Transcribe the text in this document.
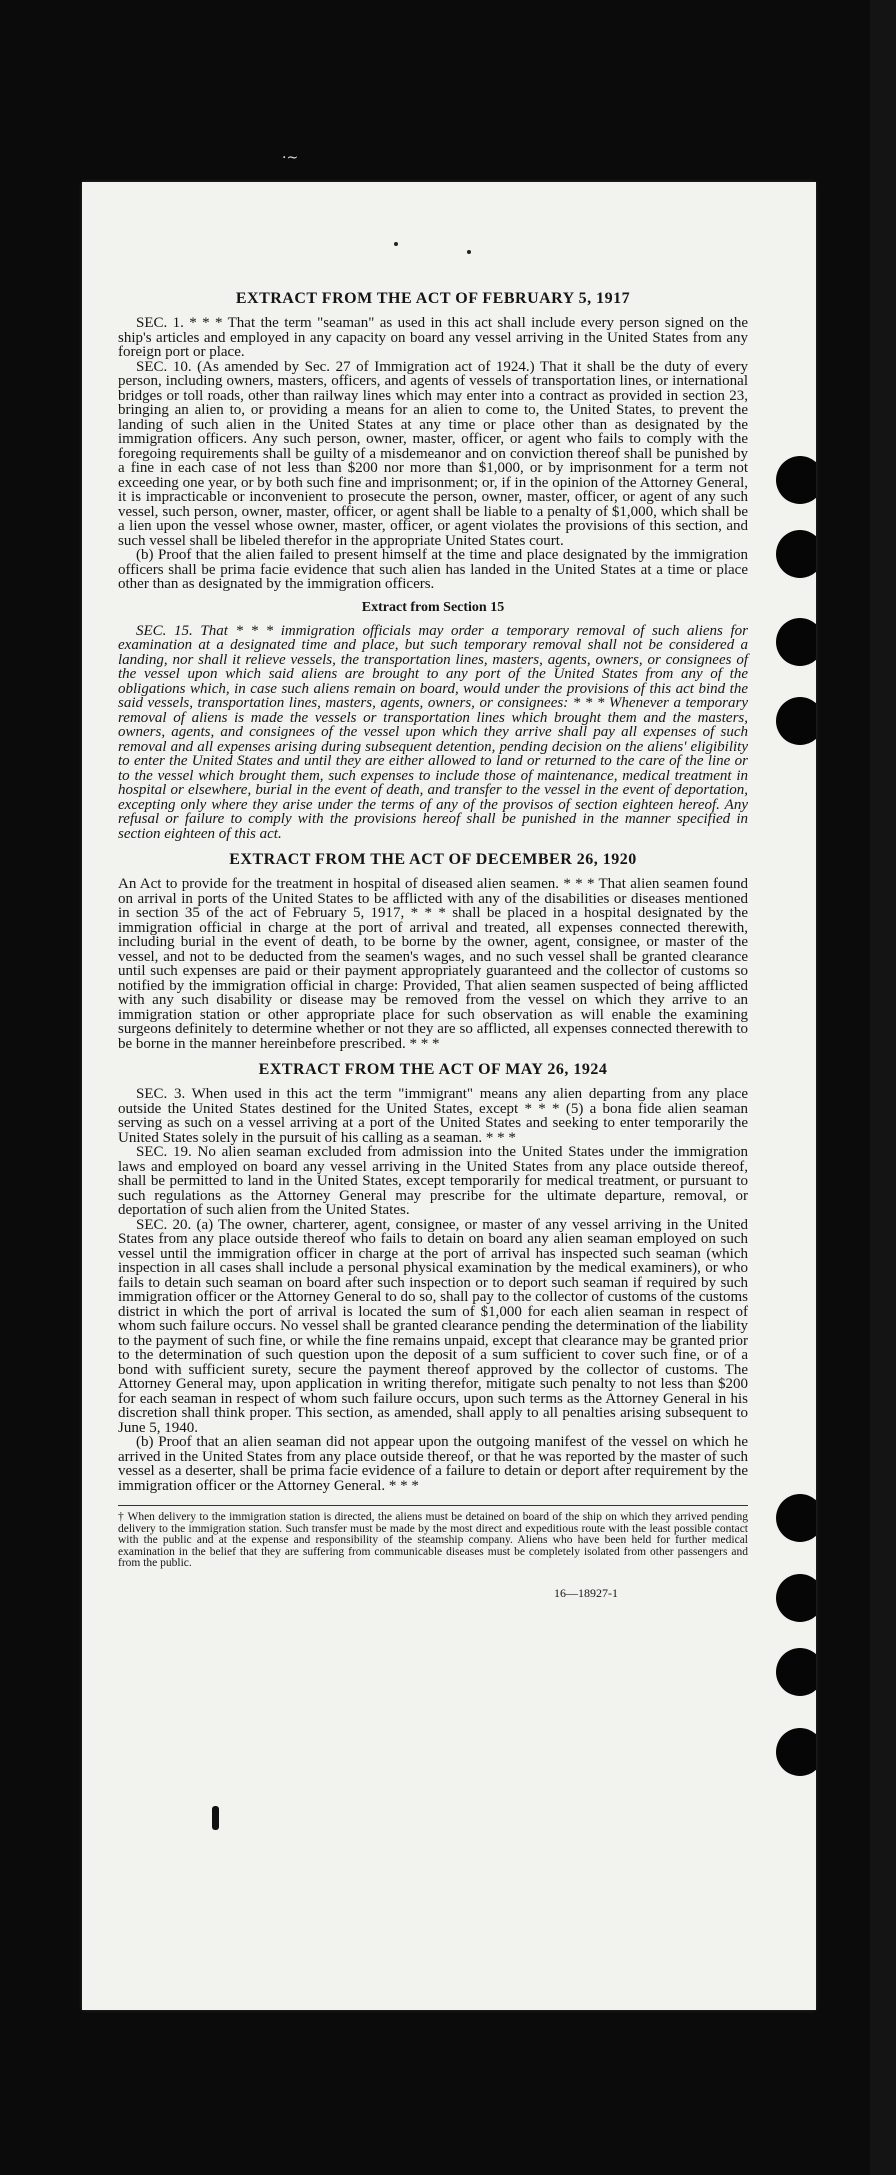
·~
EXTRACT FROM THE ACT OF FEBRUARY 5, 1917

SEC. 1. * * * That the term "seaman" as used in this act shall include every person signed on the ship's articles and employed in any capacity on board any vessel arriving in the United States from any foreign port or place.

SEC. 10. (As amended by Sec. 27 of Immigration act of 1924.) That it shall be the duty of every person, including owners, masters, officers, and agents of vessels of transportation lines, or international bridges or toll roads, other than railway lines which may enter into a contract as provided in section 23, bringing an alien to, or providing a means for an alien to come to, the United States, to prevent the landing of such alien in the United States at any time or place other than as designated by the immigration officers. Any such person, owner, master, officer, or agent who fails to comply with the foregoing requirements shall be guilty of a misdemeanor and on conviction thereof shall be punished by a fine in each case of not less than $200 nor more than $1,000, or by imprisonment for a term not exceeding one year, or by both such fine and imprisonment; or, if in the opinion of the Attorney General, it is impracticable or inconvenient to prosecute the person, owner, master, officer, or agent of any such vessel, such person, owner, master, officer, or agent shall be liable to a penalty of $1,000, which shall be a lien upon the vessel whose owner, master, officer, or agent violates the provisions of this section, and such vessel shall be libeled therefor in the appropriate United States court.

(b) Proof that the alien failed to present himself at the time and place designated by the immigration officers shall be prima facie evidence that such alien has landed in the United States at a time or place other than as designated by the immigration officers.

Extract from Section 15

SEC. 15. That * * * immigration officials may order a temporary removal of such aliens for examination at a designated time and place, but such temporary removal shall not be considered a landing, nor shall it relieve vessels, the transportation lines, masters, agents, owners, or consignees of the vessel upon which said aliens are brought to any port of the United States from any of the obligations which, in case such aliens remain on board, would under the provisions of this act bind the said vessels, transportation lines, masters, agents, owners, or consignees: * * * Whenever a temporary removal of aliens is made the vessels or transportation lines which brought them and the masters, owners, agents, and consignees of the vessel upon which they arrive shall pay all expenses of such removal and all expenses arising during subsequent detention, pending decision on the aliens' eligibility to enter the United States and until they are either allowed to land or returned to the care of the line or to the vessel which brought them, such expenses to include those of maintenance, medical treatment in hospital or elsewhere, burial in the event of death, and transfer to the vessel in the event of deportation, excepting only where they arise under the terms of any of the provisos of section eighteen hereof. Any refusal or failure to comply with the provisions hereof shall be punished in the manner specified in section eighteen of this act.

EXTRACT FROM THE ACT OF DECEMBER 26, 1920

An Act to provide for the treatment in hospital of diseased alien seamen. * * * That alien seamen found on arrival in ports of the United States to be afflicted with any of the disabilities or diseases mentioned in section 35 of the act of February 5, 1917, * * * shall be placed in a hospital designated by the immigration official in charge at the port of arrival and treated, all expenses connected therewith, including burial in the event of death, to be borne by the owner, agent, consignee, or master of the vessel, and not to be deducted from the seamen's wages, and no such vessel shall be granted clearance until such expenses are paid or their payment appropriately guaranteed and the collector of customs so notified by the immigration official in charge: Provided, That alien seamen suspected of being afflicted with any such disability or disease may be removed from the vessel on which they arrive to an immigration station or other appropriate place for such observation as will enable the examining surgeons definitely to determine whether or not they are so afflicted, all expenses connected therewith to be borne in the manner hereinbefore prescribed. * * *

EXTRACT FROM THE ACT OF MAY 26, 1924

SEC. 3. When used in this act the term "immigrant" means any alien departing from any place outside the United States destined for the United States, except * * * (5) a bona fide alien seaman serving as such on a vessel arriving at a port of the United States and seeking to enter temporarily the United States solely in the pursuit of his calling as a seaman. * * *

SEC. 19. No alien seaman excluded from admission into the United States under the immigration laws and employed on board any vessel arriving in the United States from any place outside thereof, shall be permitted to land in the United States, except temporarily for medical treatment, or pursuant to such regulations as the Attorney General may prescribe for the ultimate departure, removal, or deportation of such alien from the United States.

SEC. 20. (a) The owner, charterer, agent, consignee, or master of any vessel arriving in the United States from any place outside thereof who fails to detain on board any alien seaman employed on such vessel until the immigration officer in charge at the port of arrival has inspected such seaman (which inspection in all cases shall include a personal physical examination by the medical examiners), or who fails to detain such seaman on board after such inspection or to deport such seaman if required by such immigration officer or the Attorney General to do so, shall pay to the collector of customs of the customs district in which the port of arrival is located the sum of $1,000 for each alien seaman in respect of whom such failure occurs. No vessel shall be granted clearance pending the determination of the liability to the payment of such fine, or while the fine remains unpaid, except that clearance may be granted prior to the determination of such question upon the deposit of a sum sufficient to cover such fine, or of a bond with sufficient surety, secure the payment thereof approved by the collector of customs. The Attorney General may, upon application in writing therefor, mitigate such penalty to not less than $200 for each seaman in respect of whom such failure occurs, upon such terms as the Attorney General in his discretion shall think proper. This section, as amended, shall apply to all penalties arising subsequent to June 5, 1940.

(b) Proof that an alien seaman did not appear upon the outgoing manifest of the vessel on which he arrived in the United States from any place outside thereof, or that he was reported by the master of such vessel as a deserter, shall be prima facie evidence of a failure to detain or deport after requirement by the immigration officer or the Attorney General. * * *

† When delivery to the immigration station is directed, the aliens must be detained on board of the ship on which they arrived pending delivery to the immigration station. Such transfer must be made by the most direct and expeditious route with the least possible contact with the public and at the expense and responsibility of the steamship company. Aliens who have been held for further medical examination in the belief that they are suffering from communicable diseases must be completely isolated from other passengers and from the public.
16—18927-1
